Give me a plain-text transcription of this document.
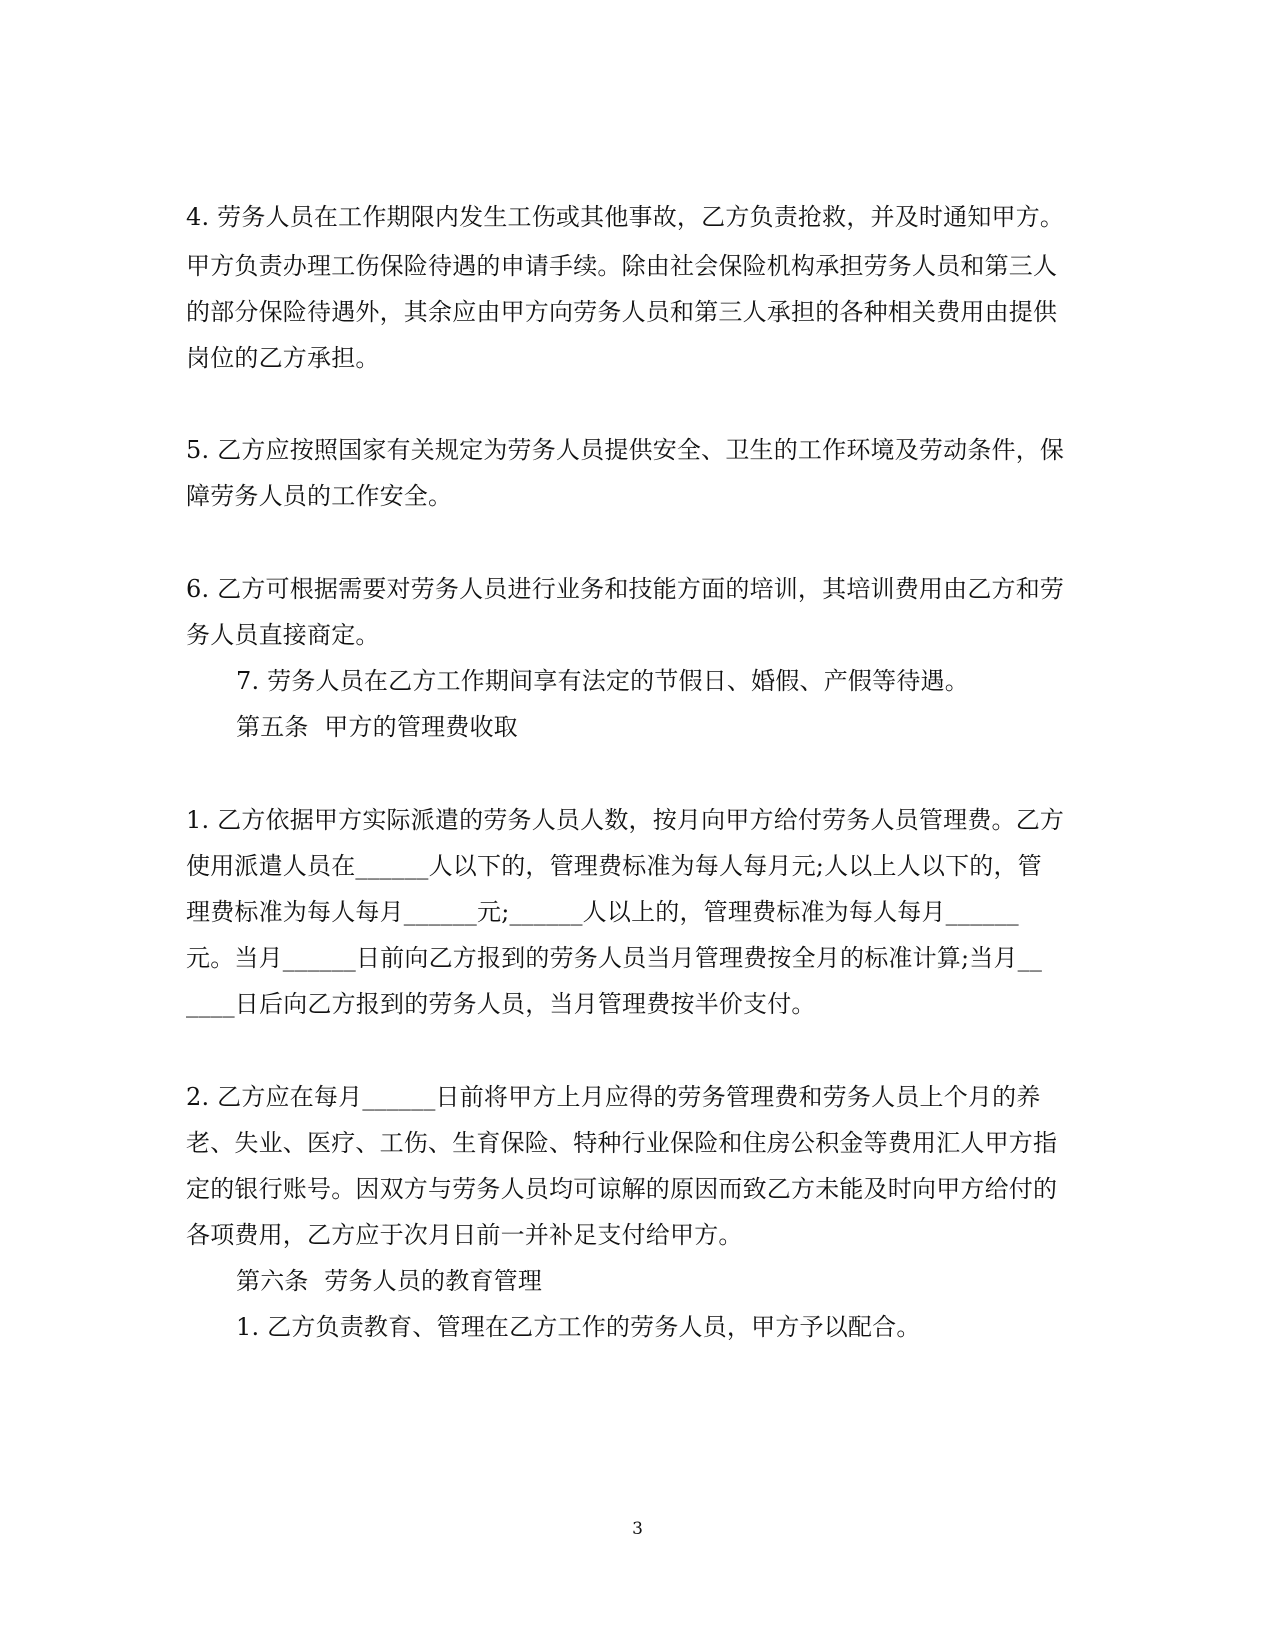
4. 劳务人员在工作期限内发生工伤或其他事故，乙方负责抢救，并及时通知甲方。
甲方负责办理工伤保险待遇的申请手续。除由社会保险机构承担劳务人员和第三人
的部分保险待遇外，其余应由甲方向劳务人员和第三人承担的各种相关费用由提供
岗位的乙方承担。
5. 乙方应按照国家有关规定为劳务人员提供安全、卫生的工作环境及劳动条件，保
障劳务人员的工作安全。
6. 乙方可根据需要对劳务人员进行业务和技能方面的培训，其培训费用由乙方和劳
务人员直接商定。
7. 劳务人员在乙方工作期间享有法定的节假日、婚假、产假等待遇。
第五条  甲方的管理费收取
1. 乙方依据甲方实际派遣的劳务人员人数，按月向甲方给付劳务人员管理费。乙方
使用派遣人员在______人以下的，管理费标准为每人每月元;人以上人以下的，管
理费标准为每人每月______元;______人以上的，管理费标准为每人每月______
元。当月______日前向乙方报到的劳务人员当月管理费按全月的标准计算;当月__
____日后向乙方报到的劳务人员，当月管理费按半价支付。
2. 乙方应在每月______日前将甲方上月应得的劳务管理费和劳务人员上个月的养
老、失业、医疗、工伤、生育保险、特种行业保险和住房公积金等费用汇人甲方指
定的银行账号。因双方与劳务人员均可谅解的原因而致乙方未能及时向甲方给付的
各项费用，乙方应于次月日前一并补足支付给甲方。
第六条  劳务人员的教育管理
1. 乙方负责教育、管理在乙方工作的劳务人员，甲方予以配合。
3
